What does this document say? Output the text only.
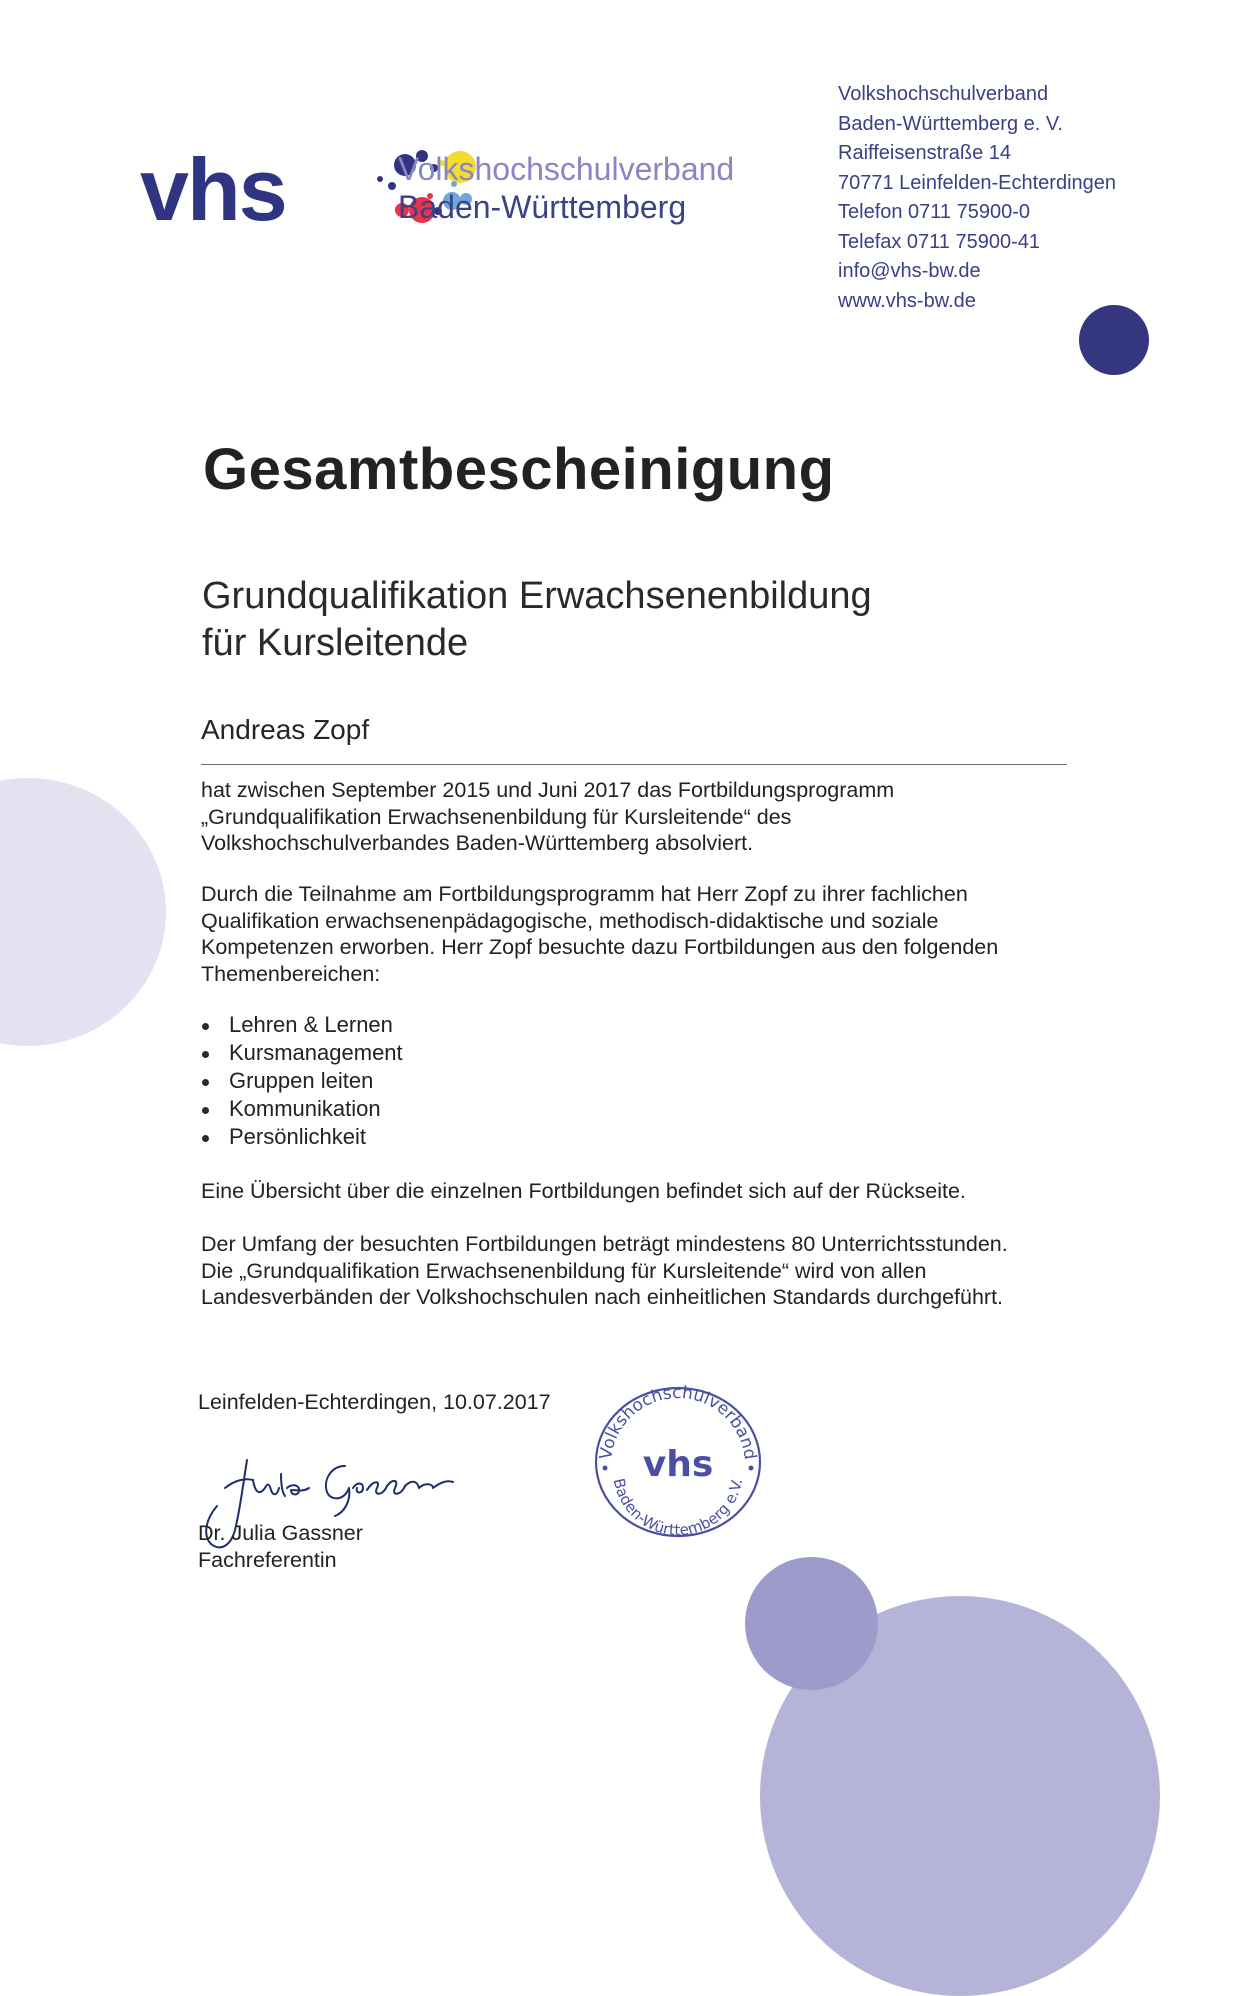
vhs	Volkshochschulverband
Baden-Württemberg
Volkshochschulverband
Baden-Württemberg e. V.
Raiffeisenstraße 14
70771 Leinfelden-Echterdingen
Telefon 0711 75900-0
Telefax 0711 75900-41
info@vhs-bw.de
www.vhs-bw.de
Gesamtbescheinigung
Grundqualifikation Erwachsenenbildung
für Kursleitende
Andreas Zopf
hat zwischen September 2015 und Juni 2017 das Fortbildungsprogramm
„Grundqualifikation Erwachsenenbildung für Kursleitende“ des
Volkshochschulverbandes Baden-Württemberg absolviert.
Durch die Teilnahme am Fortbildungsprogramm hat Herr Zopf zu ihrer fachlichen
Qualifikation erwachsenenpädagogische, methodisch-didaktische und soziale
Kompetenzen erworben. Herr Zopf besuchte dazu Fortbildungen aus den folgenden
Themenbereichen:
Lehren & Lernen
Kursmanagement
Gruppen leiten
Kommunikation
Persönlichkeit
Eine Übersicht über die einzelnen Fortbildungen befindet sich auf der Rückseite.
Der Umfang der besuchten Fortbildungen beträgt mindestens 80 Unterrichtsstunden.
Die „Grundqualifikation Erwachsenenbildung für Kursleitende“ wird von allen
Landesverbänden der Volkshochschulen nach einheitlichen Standards durchgeführt.
Leinfelden-Echterdingen, 10.07.2017
Dr. Julia Gassner
Fachreferentin
Volkshochschulverband
Baden-Württemberg e.V.
vhs
